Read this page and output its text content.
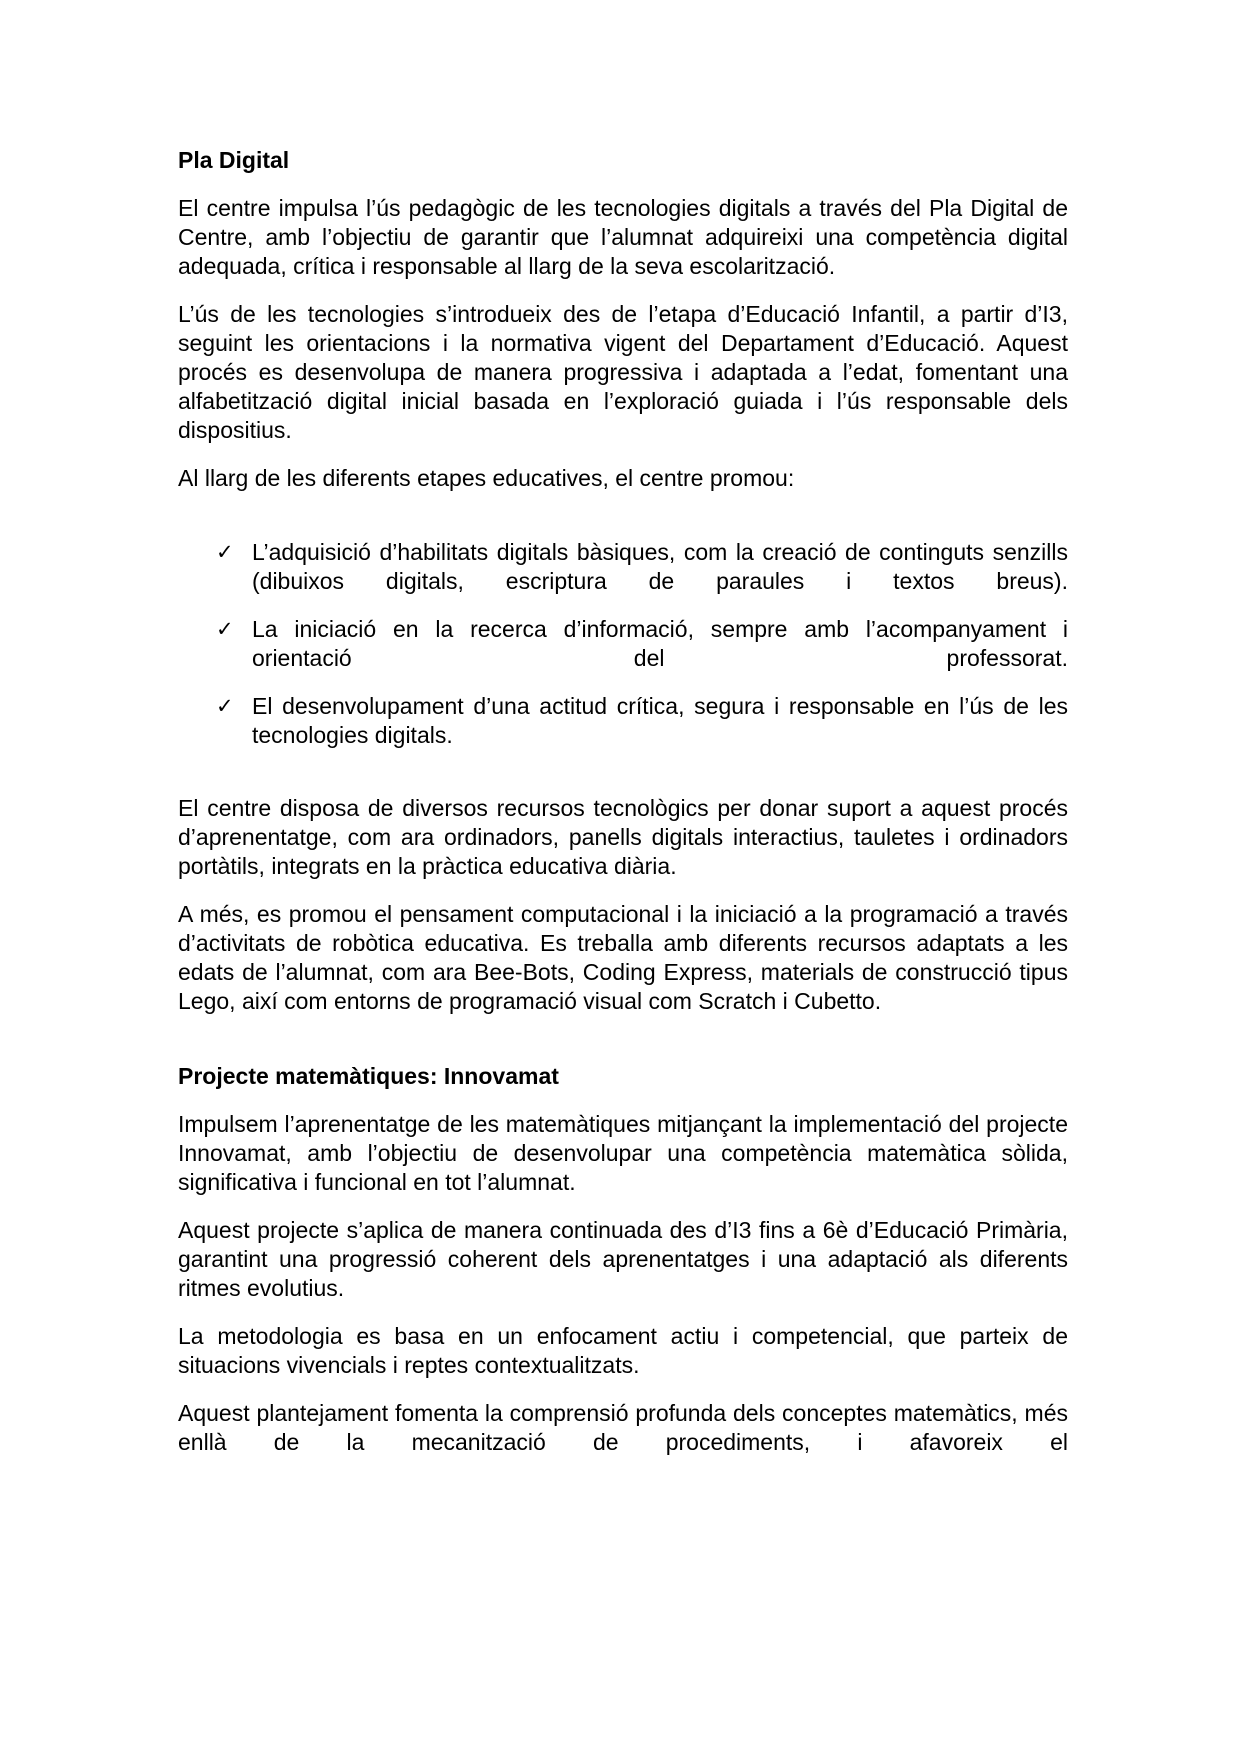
Pla Digital

El centre impulsa l’ús pedagògic de les tecnologies digitals a través del Pla Digital de Centre, amb l’objectiu de garantir que l’alumnat adquireixi una competència digital adequada, crítica i responsable al llarg de la seva escolarització.

L’ús de les tecnologies s’introdueix des de l’etapa d’Educació Infantil, a partir d’I3, seguint les orientacions i la normativa vigent del Departament d’Educació. Aquest procés es desenvolupa de manera progressiva i adaptada a l’edat, fomentant una alfabetització digital inicial basada en l’exploració guiada i l’ús responsable dels dispositius.

Al llarg de les diferents etapes educatives, el centre promou:

✓ L’adquisició d’habilitats digitals bàsiques, com la creació de continguts senzills (dibuixos digitals, escriptura de paraules i textos breus).
✓ La iniciació en la recerca d’informació, sempre amb l’acompanyament i orientació del professorat.
✓ El desenvolupament d’una actitud crítica, segura i responsable en l’ús de les tecnologies digitals.

El centre disposa de diversos recursos tecnològics per donar suport a aquest procés d’aprenentatge, com ara ordinadors, panells digitals interactius, tauletes i ordinadors portàtils, integrats en la pràctica educativa diària.

A més, es promou el pensament computacional i la iniciació a la programació a través d’activitats de robòtica educativa. Es treballa amb diferents recursos adaptats a les edats de l’alumnat, com ara Bee-Bots, Coding Express, materials de construcció tipus Lego, així com entorns de programació visual com Scratch i Cubetto.

Projecte matemàtiques: Innovamat

Impulsem l’aprenentatge de les matemàtiques mitjançant la implementació del projecte Innovamat, amb l’objectiu de desenvolupar una competència matemàtica sòlida, significativa i funcional en tot l’alumnat.

Aquest projecte s’aplica de manera continuada des d’I3 fins a 6è d’Educació Primària, garantint una progressió coherent dels aprenentatges i una adaptació als diferents ritmes evolutius.

La metodologia es basa en un enfocament actiu i competencial, que parteix de situacions vivencials i reptes contextualitzats.

Aquest plantejament fomenta la comprensió profunda dels conceptes matemàtics, més enllà de la mecanització de procediments, i afavoreix el
